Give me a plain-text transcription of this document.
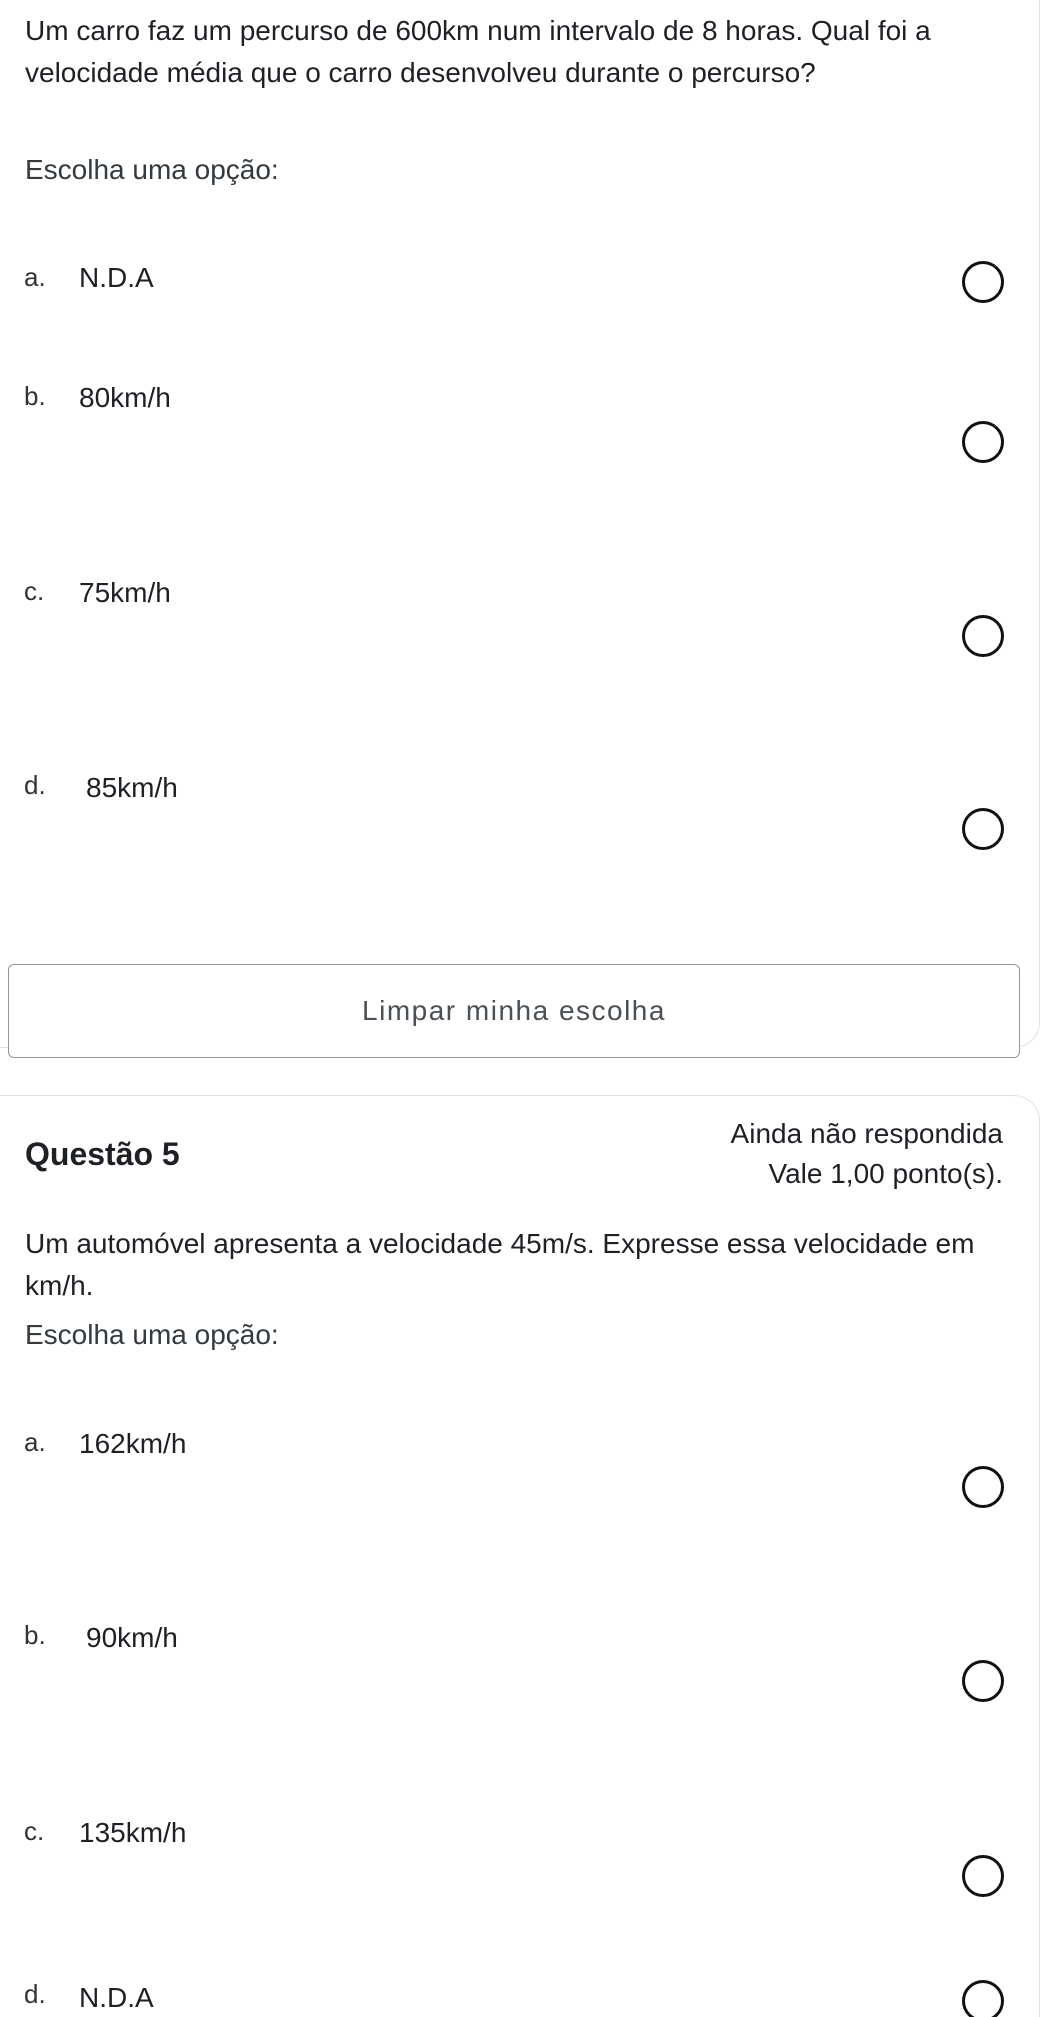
Um carro faz um percurso de 600km num intervalo de 8 horas. Qual foi a velocidade média que o carro desenvolveu durante o percurso?
Escolha uma opção:
a. N.D.A
b. 80km/h
c. 75km/h
d. 85km/h
Limpar minha escolha
Questão 5
Ainda não respondida
Vale 1,00 ponto(s).
Um automóvel apresenta a velocidade 45m/s. Expresse essa velocidade em km/h.
Escolha uma opção:
a. 162km/h
b. 90km/h
c. 135km/h
d. N.D.A
